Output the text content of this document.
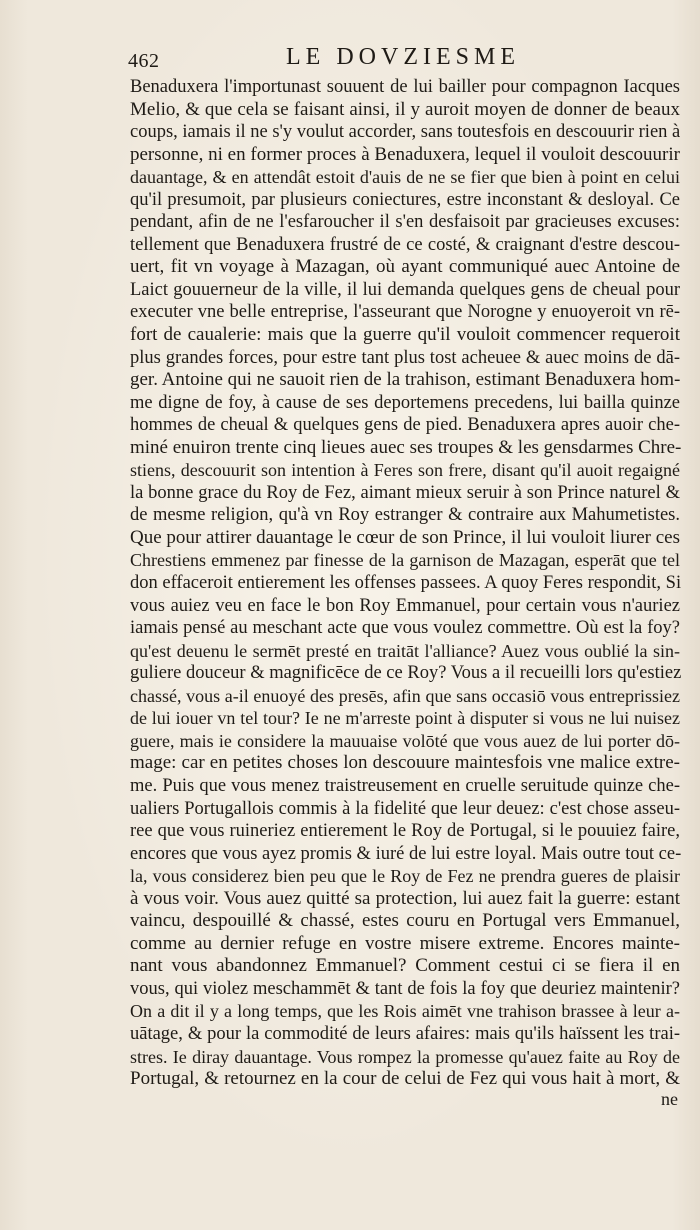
462	LE DOVZIESME
Benaduxera l'importunast souuent de lui bailler pour compagnon Iacques
Melio, & que cela se faisant ainsi, il y auroit moyen de donner de beaux
coups, iamais il ne s'y voulut accorder, sans toutesfois en descouurir rien à
personne, ni en former proces à Benaduxera, lequel il vouloit descouurir
dauantage, & en attendât estoit d'auis de ne se fier que bien à point en celui
qu'il presumoit, par plusieurs coniectures, estre inconstant & desloyal. Ce
pendant, afin de ne l'esfaroucher il s'en desfaisoit par gracieuses excuses:
tellement que Benaduxera frustré de ce costé, & craignant d'estre descou-
uert, fit vn voyage à Mazagan, où ayant communiqué auec Antoine de
Laict gouuerneur de la ville, il lui demanda quelques gens de cheual pour
executer vne belle entreprise, l'asseurant que Norogne y enuoyeroit vn rē-
fort de caualerie: mais que la guerre qu'il vouloit commencer requeroit
plus grandes forces, pour estre tant plus tost acheuee & auec moins de dā-
ger. Antoine qui ne sauoit rien de la trahison, estimant Benaduxera hom-
me digne de foy, à cause de ses deportemens precedens, lui bailla quinze
hommes de cheual & quelques gens de pied. Benaduxera apres auoir che-
miné enuiron trente cinq lieues auec ses troupes & les gensdarmes Chre-
stiens, descouurit son intention à Feres son frere, disant qu'il auoit regaigné
la bonne grace du Roy de Fez, aimant mieux seruir à son Prince naturel &
de mesme religion, qu'à vn Roy estranger & contraire aux Mahumetistes.
Que pour attirer dauantage le cœur de son Prince, il lui vouloit liurer ces
Chrestiens emmenez par finesse de la garnison de Mazagan, esperāt que tel
don effaceroit entierement les offenses passees. A quoy Feres respondit, Si
vous auiez veu en face le bon Roy Emmanuel, pour certain vous n'auriez
iamais pensé au meschant acte que vous voulez commettre. Où est la foy?
qu'est deuenu le sermēt presté en traitāt l'alliance? Auez vous oublié la sin-
guliere douceur & magnificēce de ce Roy? Vous a il recueilli lors qu'estiez
chassé, vous a-il enuoyé des presēs, afin que sans occasiō vous entreprissiez
de lui iouer vn tel tour? Ie ne m'arreste point à disputer si vous ne lui nuisez
guere, mais ie considere la mauuaise volōté que vous auez de lui porter dō-
mage: car en petites choses lon descouure maintesfois vne malice extre-
me. Puis que vous menez traistreusement en cruelle seruitude quinze che-
ualiers Portugallois commis à la fidelité que leur deuez: c'est chose asseu-
ree que vous ruineriez entierement le Roy de Portugal, si le pouuiez faire,
encores que vous ayez promis & iuré de lui estre loyal. Mais outre tout ce-
la, vous considerez bien peu que le Roy de Fez ne prendra gueres de plaisir
à vous voir. Vous auez quitté sa protection, lui auez fait la guerre: estant
vaincu, despouillé & chassé, estes couru en Portugal vers Emmanuel,
comme au dernier refuge en vostre misere extreme. Encores mainte-
nant vous abandonnez Emmanuel? Comment cestui ci se fiera il en
vous, qui violez meschammēt & tant de fois la foy que deuriez maintenir?
On a dit il y a long temps, que les Rois aimēt vne trahison brassee à leur a-
uātage, & pour la commodité de leurs afaires: mais qu'ils haïssent les trai-
stres. Ie diray dauantage. Vous rompez la promesse qu'auez faite au Roy de
Portugal, & retournez en la cour de celui de Fez qui vous hait à mort, &
ne
